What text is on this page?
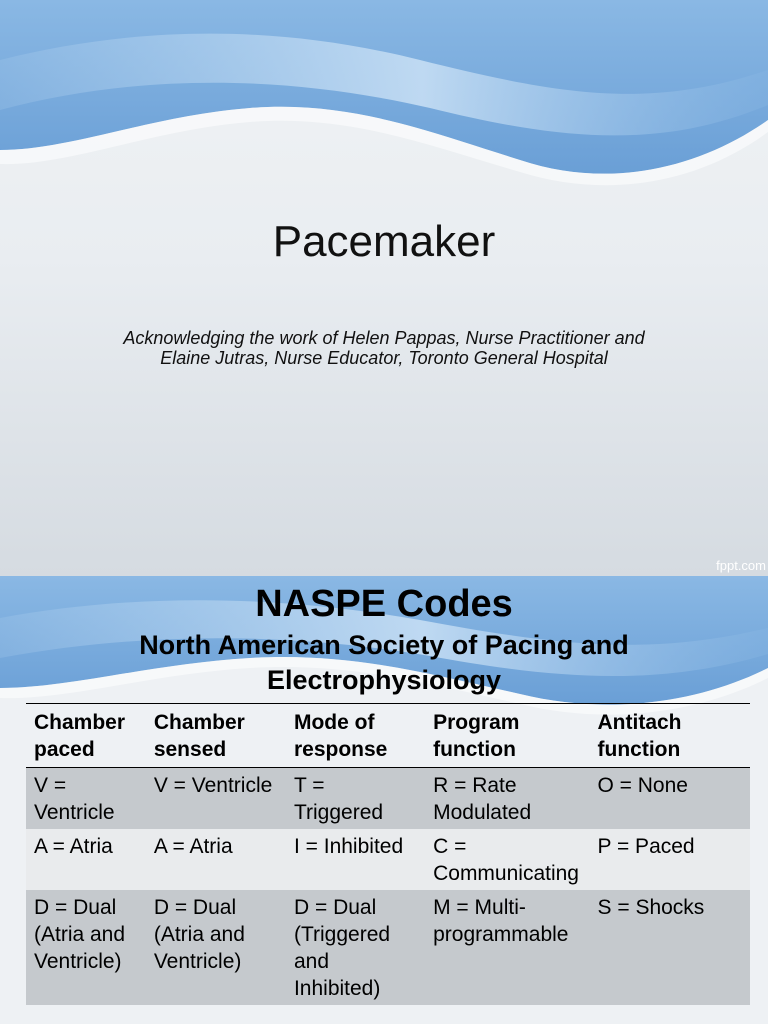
Pacemaker
Acknowledging the work of Helen Pappas, Nurse Practitioner and Elaine Jutras, Nurse Educator, Toronto General Hospital
fppt.com
NASPE Codes
North American Society of Pacing and Electrophysiology
Chamber paced	Chamber sensed	Mode of response	Program function	Antitach function
V = Ventricle	V = Ventricle	T = Triggered	R = Rate Modulated	O = None
A = Atria	A = Atria	I = Inhibited	C = Communicating	P = Paced
D = Dual (Atria and Ventricle)	D = Dual (Atria and Ventricle)	D = Dual (Triggered and Inhibited)	M = Multi-programmable	S = Shocks
